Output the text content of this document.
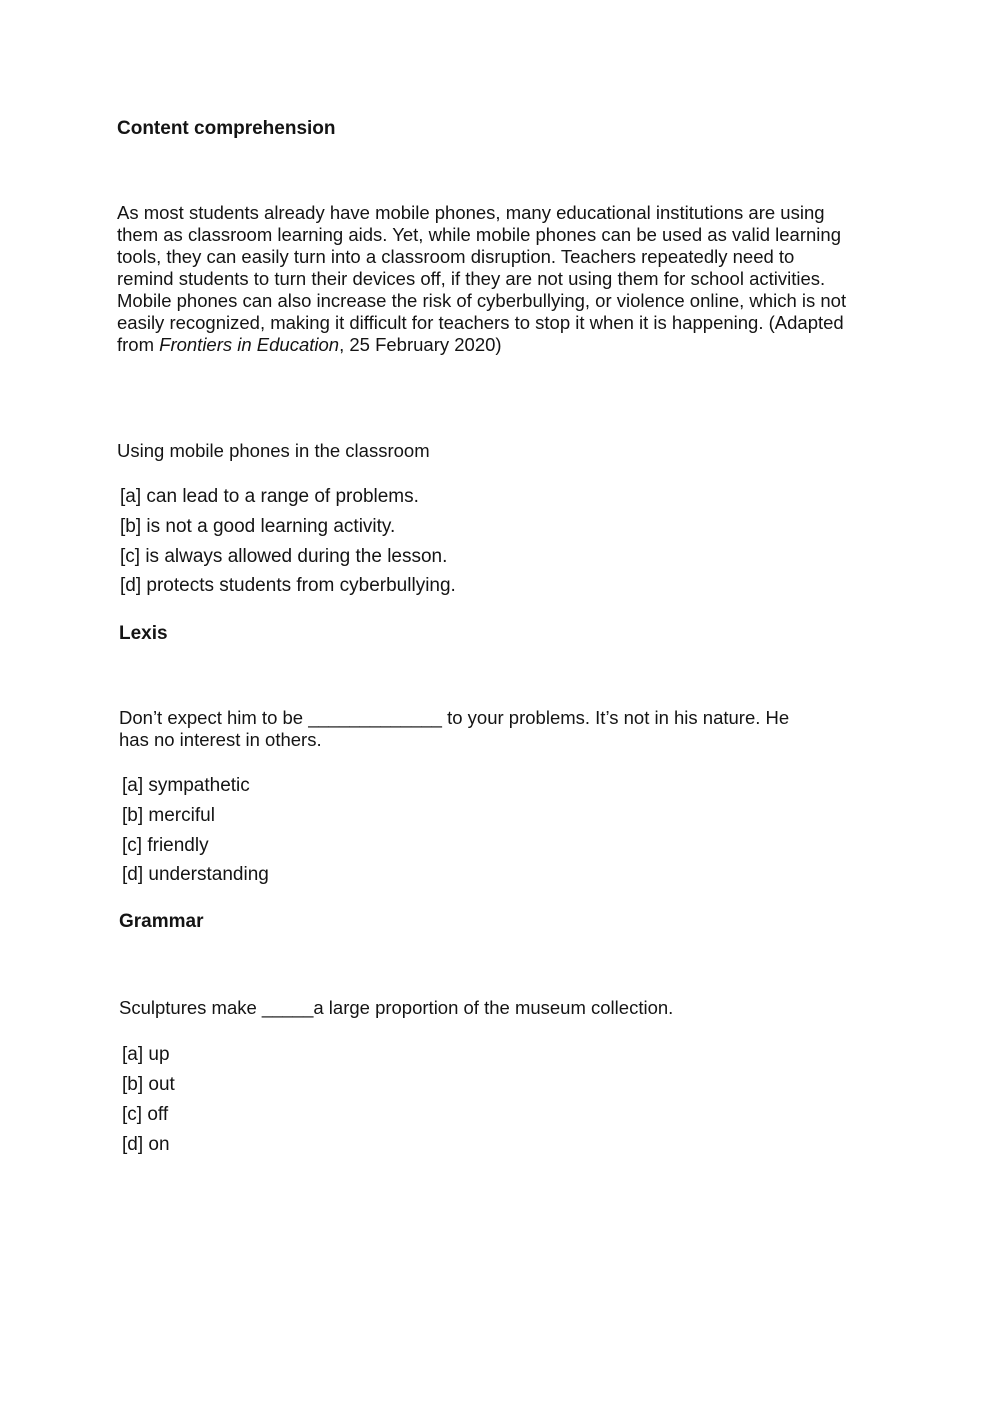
Content comprehension
As most students already have mobile phones, many educational institutions are using them as classroom learning aids. Yet, while mobile phones can be used as valid learning tools, they can easily turn into a classroom disruption. Teachers repeatedly need to remind students to turn their devices off, if they are not using them for school activities. Mobile phones can also increase the risk of cyberbullying, or violence online, which is not easily recognized, making it difficult for teachers to stop it when it is happening. (Adapted from Frontiers in Education, 25 February 2020)
Using mobile phones in the classroom
[a] can lead to a range of problems.
[b] is not a good learning activity.
[c] is always allowed during the lesson.
[d] protects students from cyberbullying.
Lexis
Don’t expect him to be _____________ to your problems. It’s not in his nature. He
has no interest in others.
[a] sympathetic
[b] merciful
[c] friendly
[d] understanding
Grammar
Sculptures make _____a large proportion of the museum collection.
[a] up
[b] out
[c] off
[d] on
